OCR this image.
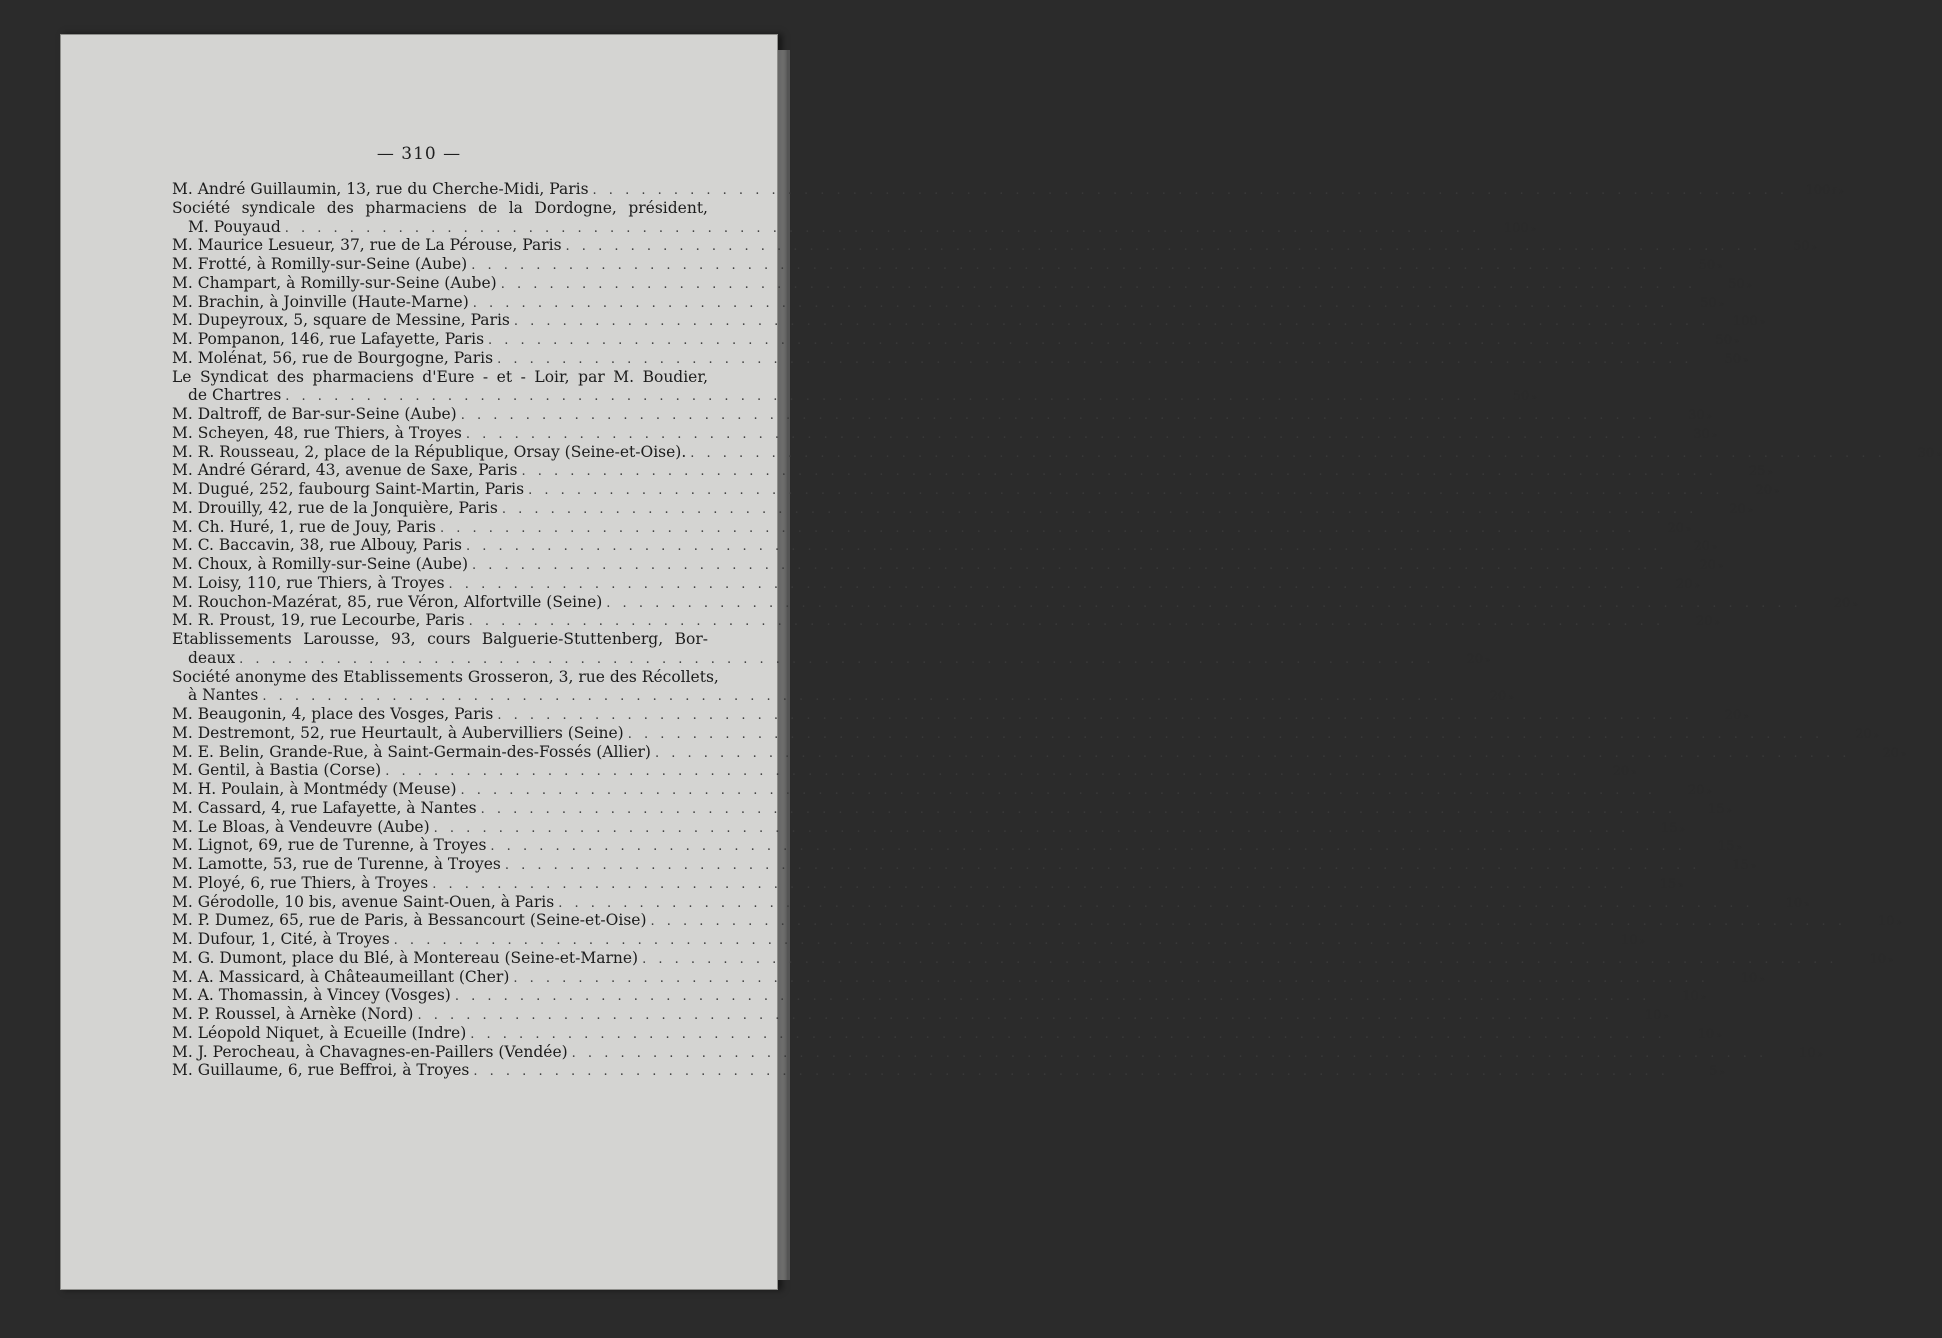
— 310 —
M. André Guillaumin, 13, rue du Cherche-Midi, Paris . . .	100 f »
Société syndicale des pharmaciens de la Dordogne, président,
M. Pouyaud . . .	100 »
M. Maurice Lesueur, 37, rue de La Pérouse, Paris . . .	50 »
M. Frotté, à Romilly-sur-Seine (Aube) . . .	50 »
M. Champart, à Romilly-sur-Seine (Aube) . . .	50 »
M. Brachin, à Joinville (Haute-Marne) . . .	50 »
M. Dupeyroux, 5, square de Messine, Paris . . .	100 »
M. Pompanon, 146, rue Lafayette, Paris . . .	50 »
M. Molénat, 56, rue de Bourgogne, Paris . . .	50 »
Le Syndicat des pharmaciens d'Eure - et - Loir, par M. Boudier,
de Chartres . . .	50 »
M. Daltroff, de Bar-sur-Seine (Aube) . . .	30 »
M. Scheyen, 48, rue Thiers, à Troyes . . .	30 »
M. R. Rousseau, 2, place de la République, Orsay (Seine-et-Oise). . . .	30 »
M. André Gérard, 43, avenue de Saxe, Paris . . .	25 »
M. Dugué, 252, faubourg Saint-Martin, Paris . . .	20 »
M. Drouilly, 42, rue de la Jonquière, Paris . . .	20 »
M. Ch. Huré, 1, rue de Jouy, Paris . . .	20 »
M. C. Baccavin, 38, rue Albouy, Paris . . .	20 »
M. Choux, à Romilly-sur-Seine (Aube) . . .	20 »
M. Loisy, 110, rue Thiers, à Troyes . . .	20 »
M. Rouchon-Mazérat, 85, rue Véron, Alfortville (Seine) . . .	20 »
M. R. Proust, 19, rue Lecourbe, Paris . . .	20 »
Etablissements Larousse, 93, cours Balguerie-Stuttenberg, Bor-
deaux . . .	20 »
Société anonyme des Etablissements Grosseron, 3, rue des Récollets,
à Nantes . . .	20 »
M. Beaugonin, 4, place des Vosges, Paris . . .	20 »
M. Destremont, 52, rue Heurtault, à Aubervilliers (Seine) . . .	20 »
M. E. Belin, Grande-Rue, à Saint-Germain-des-Fossés (Allier) . . .	20 »
M. Gentil, à Bastia (Corse) . . .	20 »
M. H. Poulain, à Montmédy (Meuse) . . .	20 »
M. Cassard, 4, rue Lafayette, à Nantes . . .	15 »
M. Le Bloas, à Vendeuvre (Aube) . . .	15 »
M. Lignot, 69, rue de Turenne, à Troyes . . .	15 »
M. Lamotte, 53, rue de Turenne, à Troyes . . .	15 »
M. Ployé, 6, rue Thiers, à Troyes . . .	15 »
M. Gérodolle, 10 bis, avenue Saint-Ouen, à Paris . . .	10 »
M. P. Dumez, 65, rue de Paris, à Bessancourt (Seine-et-Oise) . . .	10 »
M. Dufour, 1, Cité, à Troyes . . .	10 »
M. G. Dumont, place du Blé, à Montereau (Seine-et-Marne) . . .	10 »
M. A. Massicard, à Châteaumeillant (Cher) . . .	10 »
M. A. Thomassin, à Vincey (Vosges) . . .	10 »
M. P. Roussel, à Arnèke (Nord) . . .	10 »
M. Léopold Niquet, à Ecueille (Indre) . . .	10 »
M. J. Perocheau, à Chavagnes-en-Paillers (Vendée) . . .	10 »
M. Guillaume, 6, rue Beffroi, à Troyes . . .	5 »
